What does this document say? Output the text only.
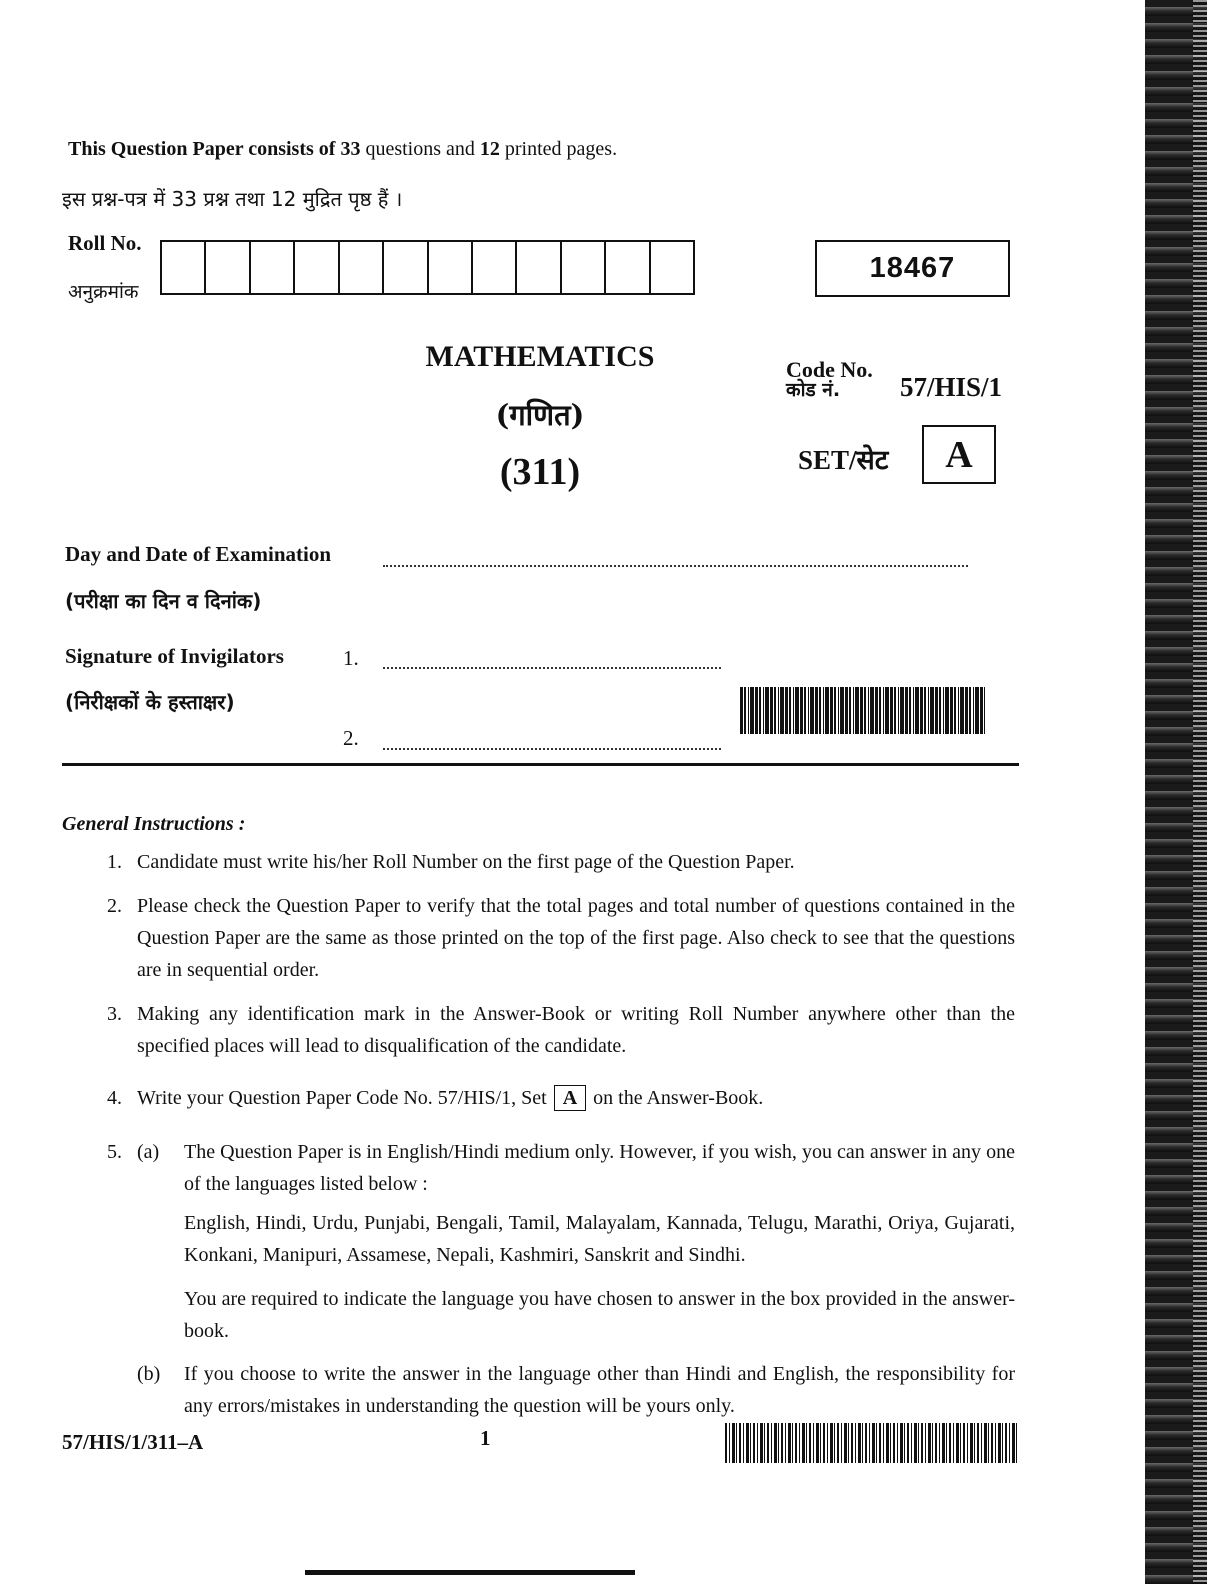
This Question Paper consists of 33 questions and 12 printed pages.
इस प्रश्न-पत्र में 33 प्रश्न तथा 12 मुद्रित पृष्ठ हैं ।
Roll No.
अनुक्रमांक
18467
MATHEMATICS
(गणित)
(311)
Code No.
कोड नं.	57/HIS/1
SET/सेट	A
Day and Date of Examination
(परीक्षा का दिन व दिनांक)
Signature of Invigilators	1.
(निरीक्षकों के हस्ताक्षर)
2.
General Instructions :
1. Candidate must write his/her Roll Number on the first page of the Question Paper.
2. Please check the Question Paper to verify that the total pages and total number of questions contained in the Question Paper are the same as those printed on the top of the first page. Also check to see that the questions are in sequential order.
3. Making any identification mark in the Answer-Book or writing Roll Number anywhere other than the specified places will lead to disqualification of the candidate.
4. Write your Question Paper Code No. 57/HIS/1, Set A on the Answer-Book.
5. (a) The Question Paper is in English/Hindi medium only. However, if you wish, you can answer in any one of the languages listed below :
English, Hindi, Urdu, Punjabi, Bengali, Tamil, Malayalam, Kannada, Telugu, Marathi, Oriya, Gujarati, Konkani, Manipuri, Assamese, Nepali, Kashmiri, Sanskrit and Sindhi.
You are required to indicate the language you have chosen to answer in the box provided in the answer-book.
(b) If you choose to write the answer in the language other than Hindi and English, the responsibility for any errors/mistakes in understanding the question will be yours only.
57/HIS/1/311–A	1
